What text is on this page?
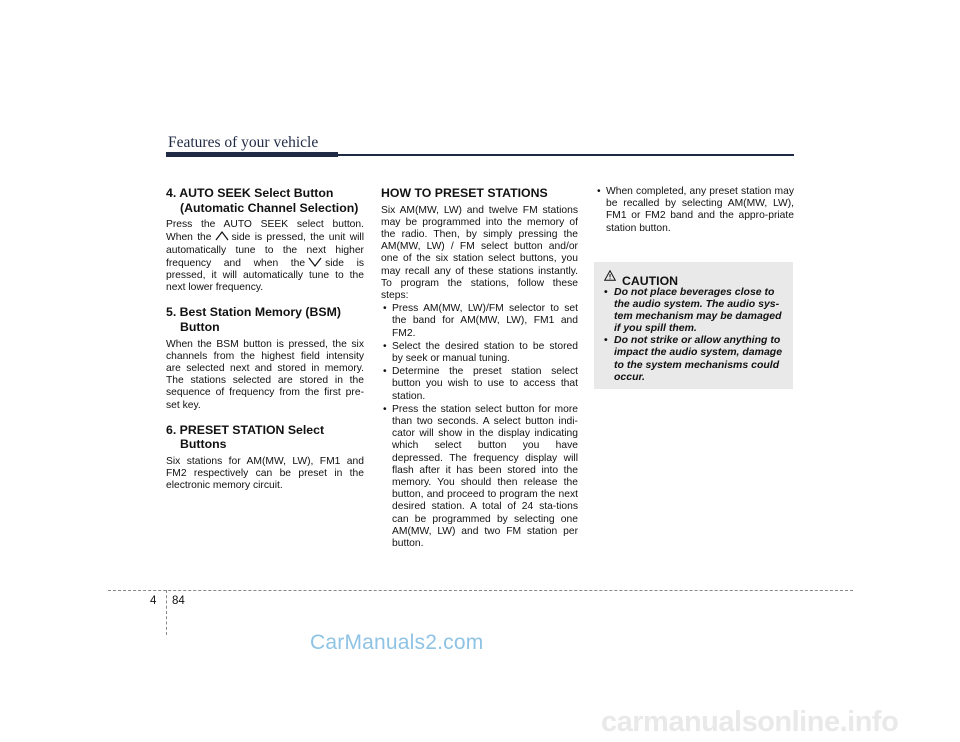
Features of your vehicle
4. AUTO SEEK Select Button
(Automatic Channel Selection)

Press the AUTO SEEK select button. When the side is pressed, the unit will automatically tune to the next higher frequency and when the side is pressed, it will automatically tune to the next lower frequency.

5. Best Station Memory (BSM)
Button

When the BSM button is pressed, the six channels from the highest field intensity are selected next and stored in memory. The stations selected are stored in the sequence of frequency from the first pre-set key.

6. PRESET STATION Select
Buttons

Six stations for AM(MW, LW), FM1 and FM2 respectively can be preset in the electronic memory circuit.

HOW TO PRESET STATIONS

Six AM(MW, LW) and twelve FM stations may be programmed into the memory of the radio. Then, by simply pressing the AM(MW, LW) / FM select button and/or one of the six station select buttons, you may recall any of these stations instantly. To program the stations, follow these steps:

• Press AM(MW, LW)/FM selector to set the band for AM(MW, LW), FM1 and FM2.
• Select the desired station to be stored by seek or manual tuning.
• Determine the preset station select button you wish to use to access that station.
• Press the station select button for more than two seconds. A select button indi-cator will show in the display indicating which select button you have depressed. The frequency display will flash after it has been stored into the memory. You should then release the button, and proceed to program the next desired station. A total of 24 sta-tions can be programmed by selecting one AM(MW, LW) and two FM station per button.
• When completed, any preset station may be recalled by selecting AM(MW, LW), FM1 or FM2 band and the appro-priate station button.
CAUTION
• Do not place beverages close to the audio system. The audio sys-tem mechanism may be damaged if you spill them.
• Do not strike or allow anything to impact the audio system, damage to the system mechanisms could occur.
4 84
CarManuals2.com
carmanualsonline.info
